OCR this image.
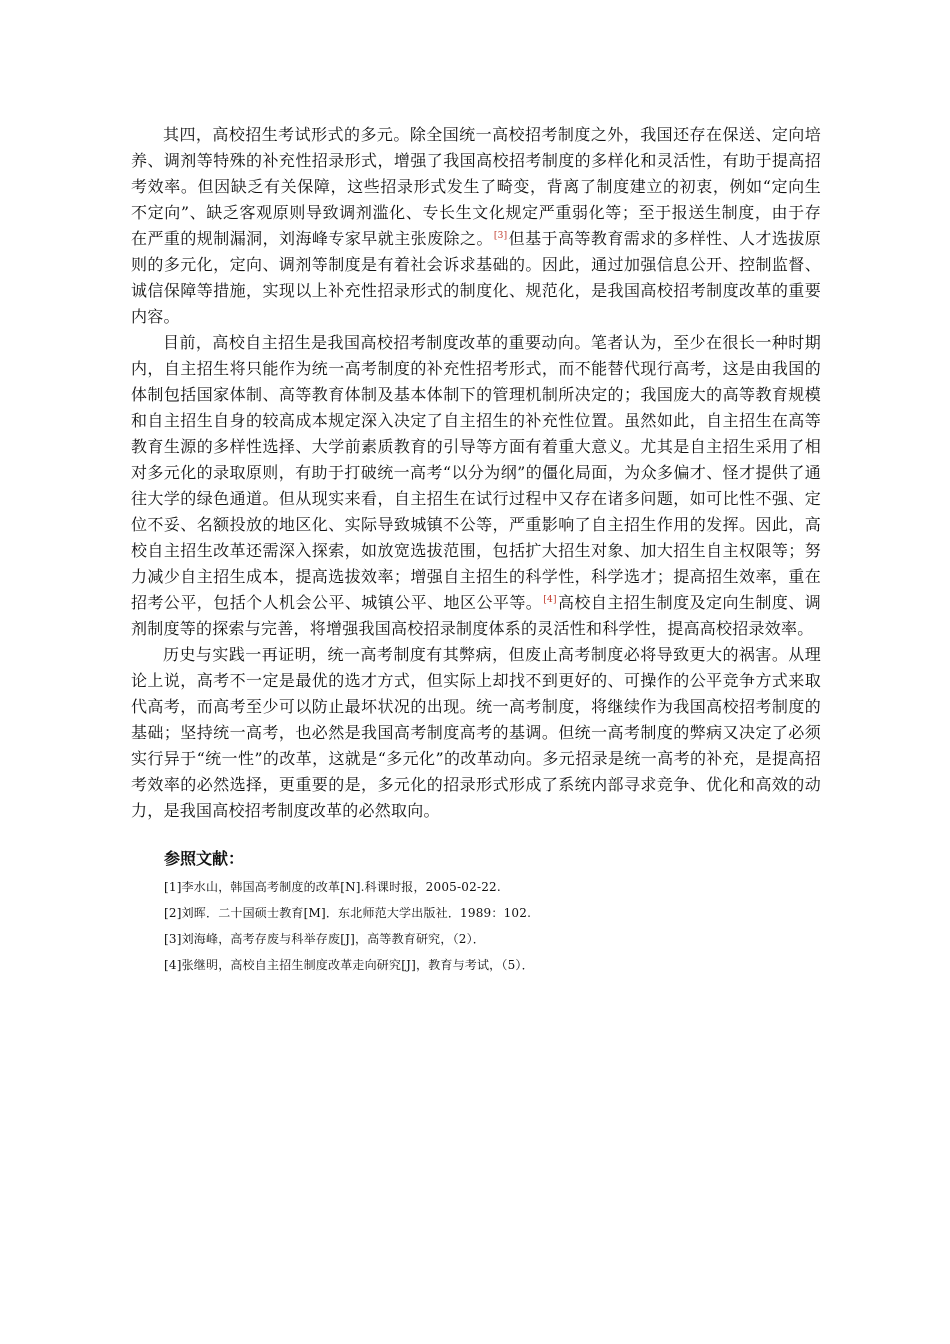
其四，高校招生考试形式的多元。除全国统一高校招考制度之外，我国还存在保送、定向培养、调剂等特殊的补充性招录形式，增强了我国高校招考制度的多样化和灵活性，有助于提高招考效率。但因缺乏有关保障，这些招录形式发生了畸变，背离了制度建立的初衷，例如“定向生不定向”、缺乏客观原则导致调剂滥化、专长生文化规定严重弱化等；至于报送生制度，由于存在严重的规制漏洞，刘海峰专家早就主张废除之。[3]但基于高等教育需求的多样性、人才选拔原则的多元化，定向、调剂等制度是有着社会诉求基础的。因此，通过加强信息公开、控制监督、诚信保障等措施，实现以上补充性招录形式的制度化、规范化，是我国高校招考制度改革的重要内容。

目前，高校自主招生是我国高校招考制度改革的重要动向。笔者认为，至少在很长一种时期内，自主招生将只能作为统一高考制度的补充性招考形式，而不能替代现行高考，这是由我国的体制包括国家体制、高等教育体制及基本体制下的管理机制所决定的；我国庞大的高等教育规模和自主招生自身的较高成本规定深入决定了自主招生的补充性位置。虽然如此，自主招生在高等教育生源的多样性选择、大学前素质教育的引导等方面有着重大意义。尤其是自主招生采用了相对多元化的录取原则，有助于打破统一高考“以分为纲”的僵化局面，为众多偏才、怪才提供了通往大学的绿色通道。但从现实来看，自主招生在试行过程中又存在诸多问题，如可比性不强、定位不妥、名额投放的地区化、实际导致城镇不公等，严重影响了自主招生作用的发挥。因此，高校自主招生改革还需深入探索，如放宽选拔范围，包括扩大招生对象、加大招生自主权限等；努力减少自主招生成本，提高选拔效率；增强自主招生的科学性，科学选才；提高招生效率，重在招考公平，包括个人机会公平、城镇公平、地区公平等。[4]高校自主招生制度及定向生制度、调剂制度等的探索与完善，将增强我国高校招录制度体系的灵活性和科学性，提高高校招录效率。

历史与实践一再证明，统一高考制度有其弊病，但废止高考制度必将导致更大的祸害。从理论上说，高考不一定是最优的选才方式，但实际上却找不到更好的、可操作的公平竞争方式来取代高考，而高考至少可以防止最坏状况的出现。统一高考制度，将继续作为我国高校招考制度的基础；坚持统一高考，也必然是我国高考制度高考的基调。但统一高考制度的弊病又决定了必须实行异于“统一性”的改革，这就是“多元化”的改革动向。多元招录是统一高考的补充，是提高招考效率的必然选择，更重要的是，多元化的招录形式形成了系统内部寻求竞争、优化和高效的动力，是我国高校招考制度改革的必然取向。

参照文献：
[1]李水山，韩国高考制度的改革[N].科课时报，2005-02-22.
[2]刘晖．二十国硕士教育[M]．东北师范大学出版社．1989：102.
[3]刘海峰，高考存废与科举存废[J]，高等教育研究，（2）．
[4]张继明，高校自主招生制度改革走向研究[J]，教育与考试，（5）．
